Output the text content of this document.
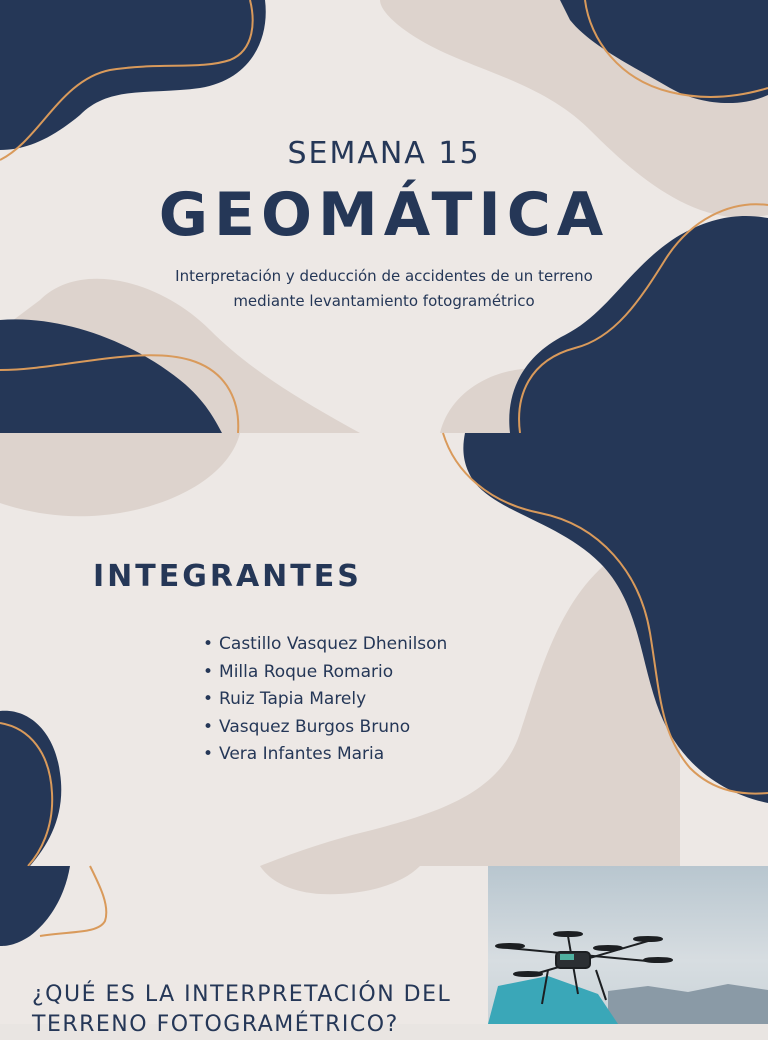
SEMANA 15
GEOMÁTICA
Interpretación y deducción de accidentes de un terreno
mediante levantamiento fotogramétrico
INTEGRANTES
• Castillo Vasquez Dhenilson
• Milla Roque Romario
• Ruiz Tapia Marely
• Vasquez Burgos Bruno
• Vera Infantes Maria
¿QUÉ ES LA INTERPRETACIÓN DEL
TERRENO FOTOGRAMÉTRICO?
